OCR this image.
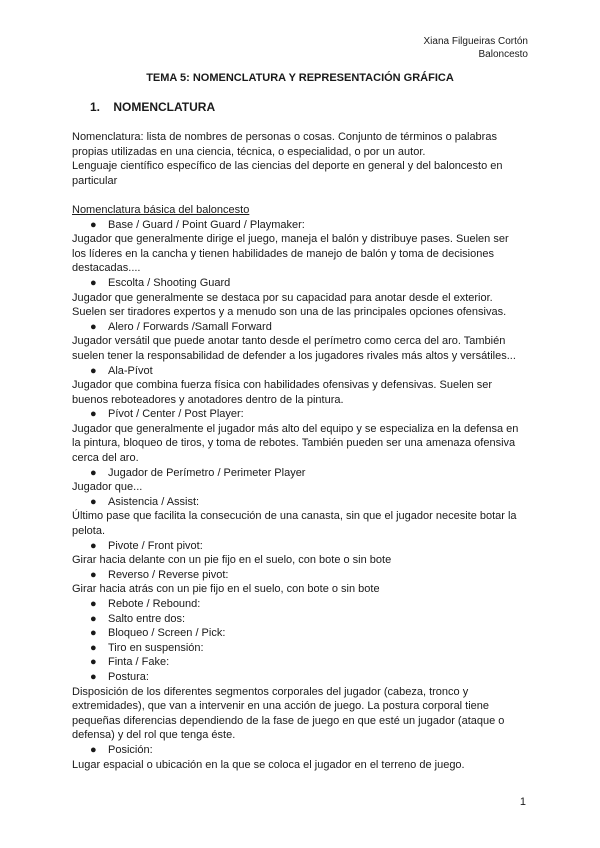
Xiana Filgueiras Cortón
Baloncesto
TEMA 5: NOMENCLATURA Y REPRESENTACIÓN GRÁFICA
1. NOMENCLATURA

Nomenclatura: lista de nombres de personas o cosas. Conjunto de términos o palabras

propias utilizadas en una ciencia, técnica, o especialidad, o por un autor.

Lenguaje científico específico de las ciencias del deporte en general y del baloncesto en

particular

Nomenclatura básica del baloncesto

● Base / Guard / Point Guard / Playmaker:

Jugador que generalmente dirige el juego, maneja el balón y distribuye pases. Suelen ser

los líderes en la cancha y tienen habilidades de manejo de balón y toma de decisiones

destacadas....

● Escolta / Shooting Guard

Jugador que generalmente se destaca por su capacidad para anotar desde el exterior.

Suelen ser tiradores expertos y a menudo son una de las principales opciones ofensivas.

● Alero / Forwards /Samall Forward

Jugador versátil que puede anotar tanto desde el perímetro como cerca del aro. También

suelen tener la responsabilidad de defender a los jugadores rivales más altos y versátiles...

● Ala-Pívot

Jugador que combina fuerza física con habilidades ofensivas y defensivas. Suelen ser

buenos reboteadores y anotadores dentro de la pintura.

● Pívot / Center / Post Player:

Jugador que generalmente el jugador más alto del equipo y se especializa en la defensa en

la pintura, bloqueo de tiros, y toma de rebotes. También pueden ser una amenaza ofensiva

cerca del aro.

● Jugador de Perímetro / Perimeter Player

Jugador que...

● Asistencia / Assist:

Último pase que facilita la consecución de una canasta, sin que el jugador necesite botar la

pelota.

● Pivote / Front pivot:

Girar hacia delante con un pie fijo en el suelo, con bote o sin bote

● Reverso / Reverse pivot:

Girar hacia atrás con un pie fijo en el suelo, con bote o sin bote

● Rebote / Rebound:

● Salto entre dos:

● Bloqueo / Screen / Pick:

● Tiro en suspensión:

● Finta / Fake:

● Postura:

Disposición de los diferentes segmentos corporales del jugador (cabeza, tronco y

extremidades), que van a intervenir en una acción de juego. La postura corporal tiene

pequeñas diferencias dependiendo de la fase de juego en que esté un jugador (ataque o

defensa) y del rol que tenga éste.

● Posición:

Lugar espacial o ubicación en la que se coloca el jugador en el terreno de juego.

1
